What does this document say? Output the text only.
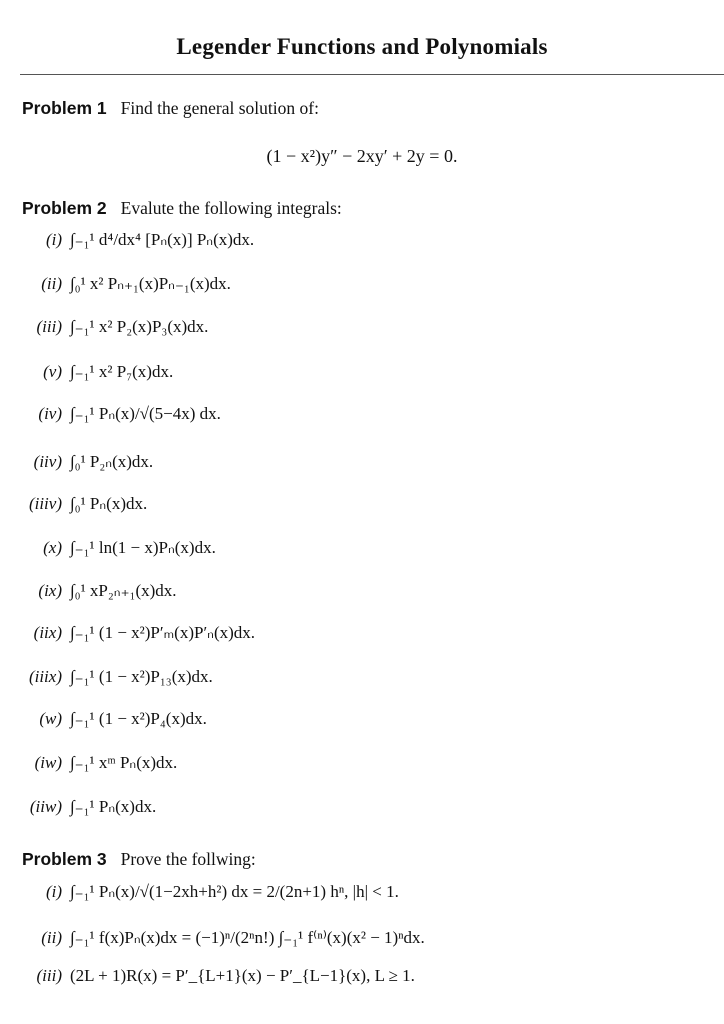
Legender Functions and Polynomials
Problem 1 Find the general solution of:
(1 − x²)y″ − 2xy′ + 2y = 0.
Problem 2 Evalute the following integrals:
(i) ∫₋₁¹ d⁴/dx⁴ [Pₙ(x)] Pₙ(x)dx.
(ii) ∫₀¹ x² Pₙ₊₁(x)Pₙ₋₁(x)dx.
(iii) ∫₋₁¹ x² P₂(x)P₃(x)dx.
(v) ∫₋₁¹ x² P₇(x)dx.
(iv) ∫₋₁¹ Pₙ(x)/√(5−4x) dx.
(iiv) ∫₀¹ P₂ₙ(x)dx.
(iiiv) ∫₀¹ Pₙ(x)dx.
(x) ∫₋₁¹ ln(1 − x)Pₙ(x)dx.
(ix) ∫₀¹ xP₂ₙ₊₁(x)dx.
(iix) ∫₋₁¹ (1 − x²)P′ₘ(x)P′ₙ(x)dx.
(iiix) ∫₋₁¹ (1 − x²)P₁₃(x)dx.
(w) ∫₋₁¹ (1 − x²)P₄(x)dx.
(iw) ∫₋₁¹ xᵐ Pₙ(x)dx.
(iiw) ∫₋₁¹ Pₙ(x)dx.
Problem 3 Prove the follwing:
(i) ∫₋₁¹ Pₙ(x)/√(1−2xh+h²) dx = 2/(2n+1) hⁿ, |h| < 1.
(ii) ∫₋₁¹ f(x)Pₙ(x)dx = (−1)ⁿ/(2ⁿn!) ∫₋₁¹ f⁽ⁿ⁾(x)(x² − 1)ⁿdx.
(iii) (2L + 1)R(x) = P′_{L+1}(x) − P′_{L−1}(x), L ≥ 1.
